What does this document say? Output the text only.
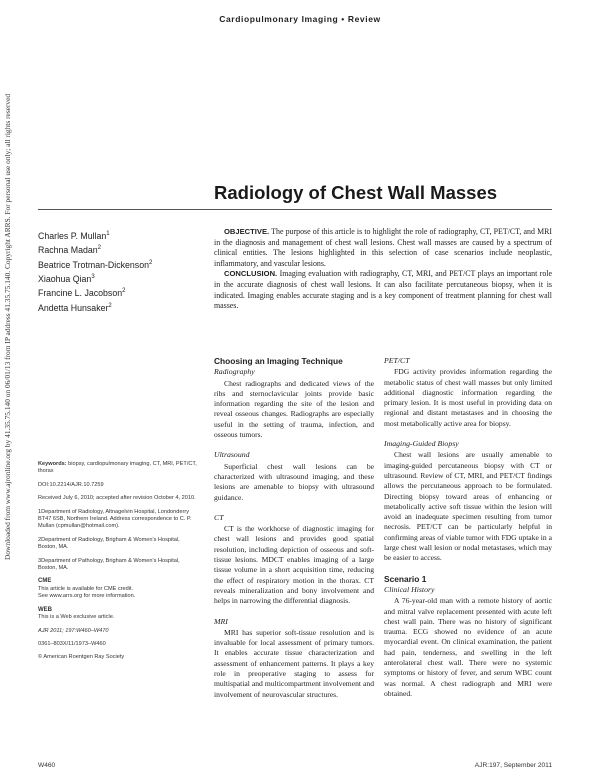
Cardiopulmonary Imaging • Review
Downloaded from www.ajronline.org by 41.35.75.140 on 06/01/13 from IP address 41.35.75.140. Copyright ARRS. For personal use only; all rights reserved	Radiology of Chest Wall Masses
Charles P. Mullan$^1$
Rachna Madan$^2$
Beatrice Trotman-Dickenson$^2$
Xiaohua Qian$^3$
Francine L. Jacobson$^2$
Andetta Hunsaker$^2$

OBJECTIVE. The purpose of this article is to highlight the role of radiography, CT, PET/CT, and MRI in the diagnosis and management of chest wall lesions. Chest wall masses are caused by a spectrum of clinical entities. The lesions highlighted in this selection of case scenarios include neoplastic, inflammatory, and vascular lesions.

CONCLUSION. Imaging evaluation with radiography, CT, MRI, and PET/CT plays an important role in the accurate diagnosis of chest wall lesions. It can also facilitate percutaneous biopsy, when it is indicated. Imaging enables accurate staging and is a key component of treatment planning for chest wall masses.

Keywords: biopsy, cardiopulmonary imaging, CT, MRI, PET/CT, thorax

DOI:10.2214/AJR.10.7259

Received July 6, 2010; accepted after revision October 4, 2010.

1Department of Radiology, Altnagelvin Hospital, Londonderry BT47 6SB, Northern Ireland. Address correspondence to C. P. Mullan (cpmullan@hotmail.com).

2Department of Radiology, Brigham & Women's Hospital, Boston, MA.

3Department of Pathology, Brigham & Women's Hospital, Boston, MA.

CME
This article is available for CME credit.
See www.arrs.org for more information.
WEB
This is a Web exclusive article.

AJR 2011; 197:W460–W470

0361–803X/11/1973–W460

© American Roentgen Ray Society

Choosing an Imaging Technique

Radiography

Chest radiographs and dedicated views of the ribs and sternoclavicular joints provide basic information regarding the site of the lesion and reveal osseous changes. Radiographs are especially useful in the setting of trauma, infection, and osseous tumors.

Ultrasound

Superficial chest wall lesions can be characterized with ultrasound imaging, and these lesions are amenable to biopsy with ultrasound guidance.

CT

CT is the workhorse of diagnostic imaging for chest wall lesions and provides good spatial resolution, including depiction of osseous and soft-tissue lesions. MDCT enables imaging of a large tissue volume in a short acquisition time, reducing the effect of respiratory motion in the thorax. CT reveals mineralization and bony involvement and helps in narrowing the differential diagnosis.

MRI

MRI has superior soft-tissue resolution and is invaluable for local assessment of primary tumors. It enables accurate tissue characterization and assessment of enhancement patterns. It plays a key role in preoperative staging to assess for multispatial and multicompartment involvement and involvement of neurovascular structures.

PET/CT

FDG activity provides information regarding the metabolic status of chest wall masses but only limited additional diagnostic information regarding the primary lesion. It is most useful in providing data on regional and distant metastases and in choosing the most metabolically active area for biopsy.

Imaging-Guided Biopsy

Chest wall lesions are usually amenable to imaging-guided percutaneous biopsy with CT or ultrasound. Review of CT, MRI, and PET/CT findings allows the percutaneous approach to be formulated. Directing biopsy toward areas of enhancing or metabolically active soft tissue within the lesion will avoid an inadequate specimen resulting from tumor necrosis. PET/CT can be particularly helpful in confirming areas of viable tumor with FDG uptake in a large chest wall lesion or nodal metastases, which may be easier to access.

Scenario 1

Clinical History

A 76-year-old man with a remote history of aortic and mitral valve replacement presented with acute left chest wall pain. There was no history of significant trauma. ECG showed no evidence of an acute myocardial event. On clinical examination, the patient had pain, tenderness, and swelling in the left anterolateral chest wall. There were no systemic symptoms or history of fever, and serum WBC count was normal. A chest radiograph and MRI were obtained.

W460	AJR:197, September 2011
